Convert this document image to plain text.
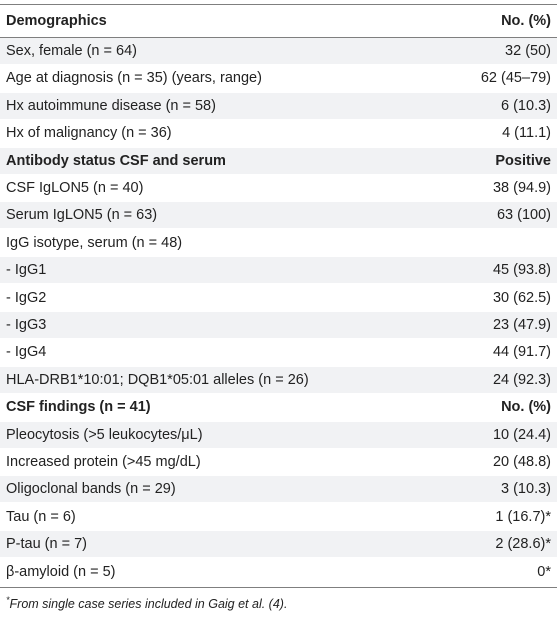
Demographics	No. (%)
Sex, female (n = 64)	32 (50)
Age at diagnosis (n = 35) (years, range)	62 (45–79)
Hx autoimmune disease (n = 58)	6 (10.3)
Hx of malignancy (n = 36)	4 (11.1)
Antibody status CSF and serum	Positive
CSF IgLON5 (n = 40)	38 (94.9)
Serum IgLON5 (n = 63)	63 (100)
IgG isotype, serum (n = 48)
- IgG1	45 (93.8)
- IgG2	30 (62.5)
- IgG3	23 (47.9)
- IgG4	44 (91.7)
HLA-DRB1*10:01; DQB1*05:01 alleles (n = 26)	24 (92.3)
CSF findings (n = 41)	No. (%)
Pleocytosis (>5 leukocytes/μL)	10 (24.4)
Increased protein (>45 mg/dL)	20 (48.8)
Oligoclonal bands (n = 29)	3 (10.3)
Tau (n = 6)	1 (16.7)*
P-tau (n = 7)	2 (28.6)*
β-amyloid (n = 5)	0*
*From single case series included in Gaig et al. (4).
